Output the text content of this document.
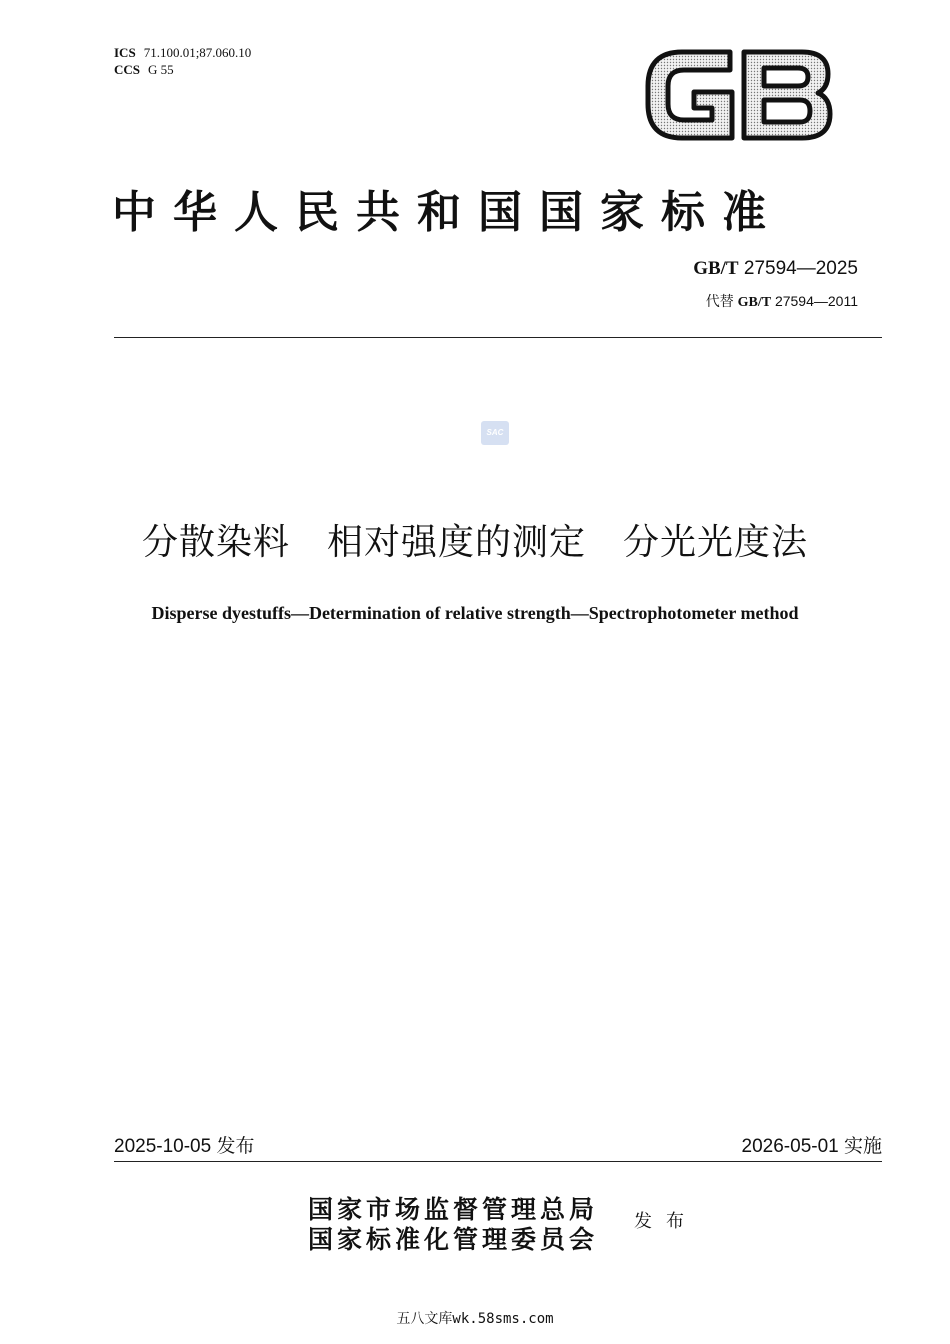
ICS 71.100.01;87.060.10
CCS G 55
GB
中华人民共和国国家标准
GB/T 27594—2025
代替 GB/T 27594—2011
SAC
分散染料　相对强度的测定　分光光度法
Disperse dyestuffs—Determination of relative strength—Spectrophotometer method
2025-10-05 发布	2026-05-01 实施
国家市场监督管理总局
国家标准化管理委员会
发布
五八文库wk.58sms.com
